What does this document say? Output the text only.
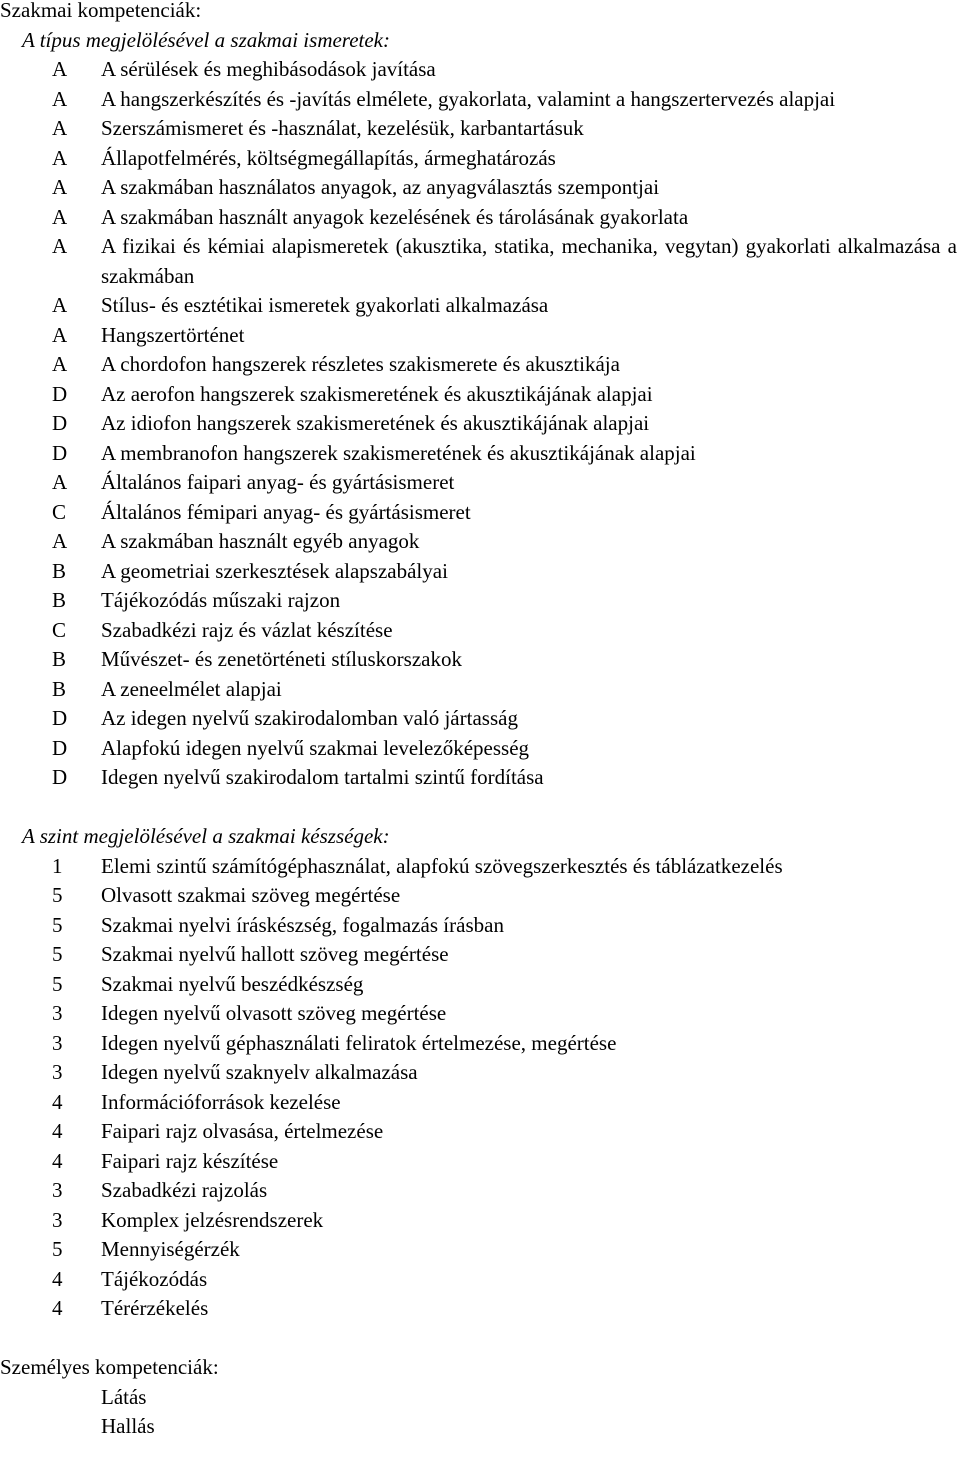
Szakmai kompetenciák:
A típus megjelölésével a szakmai ismeretek:
A	A sérülések és meghibásodások javítása
A	A hangszerkészítés és -javítás elmélete, gyakorlata, valamint a hangszertervezés alapjai
A	Szerszámismeret és -használat, kezelésük, karbantartásuk
A	Állapotfelmérés, költségmegállapítás, ármeghatározás
A	A szakmában használatos anyagok, az anyagválasztás szempontjai
A	A szakmában használt anyagok kezelésének és tárolásának gyakorlata
A	A fizikai és kémiai alapismeretek (akusztika, statika, mechanika, vegytan) gyakorlati alkalmazása a szakmában
A	Stílus- és esztétikai ismeretek gyakorlati alkalmazása
A	Hangszertörténet
A	A chordofon hangszerek részletes szakismerete és akusztikája
D	Az aerofon hangszerek szakismeretének és akusztikájának alapjai
D	Az idiofon hangszerek szakismeretének és akusztikájának alapjai
D	A membranofon hangszerek szakismeretének és akusztikájának alapjai
A	Általános faipari anyag- és gyártásismeret
C	Általános fémipari anyag- és gyártásismeret
A	A szakmában használt egyéb anyagok
B	A geometriai szerkesztések alapszabályai
B	Tájékozódás műszaki rajzon
C	Szabadkézi rajz és vázlat készítése
B	Művészet- és zenetörténeti stíluskorszakok
B	A zeneelmélet alapjai
D	Az idegen nyelvű szakirodalomban való jártasság
D	Alapfokú idegen nyelvű szakmai levelezőképesség
D	Idegen nyelvű szakirodalom tartalmi szintű fordítása
A szint megjelölésével a szakmai készségek:
1	Elemi szintű számítógéphasználat, alapfokú szövegszerkesztés és táblázatkezelés
5	Olvasott szakmai szöveg megértése
5	Szakmai nyelvi íráskészség, fogalmazás írásban
5	Szakmai nyelvű hallott szöveg megértése
5	Szakmai nyelvű beszédkészség
3	Idegen nyelvű olvasott szöveg megértése
3	Idegen nyelvű géphasználati feliratok értelmezése, megértése
3	Idegen nyelvű szaknyelv alkalmazása
4	Információforrások kezelése
4	Faipari rajz olvasása, értelmezése
4	Faipari rajz készítése
3	Szabadkézi rajzolás
3	Komplex jelzésrendszerek
5	Mennyiségérzék
4	Tájékozódás
4	Térérzékelés
Személyes kompetenciák:
Látás
Hallás
